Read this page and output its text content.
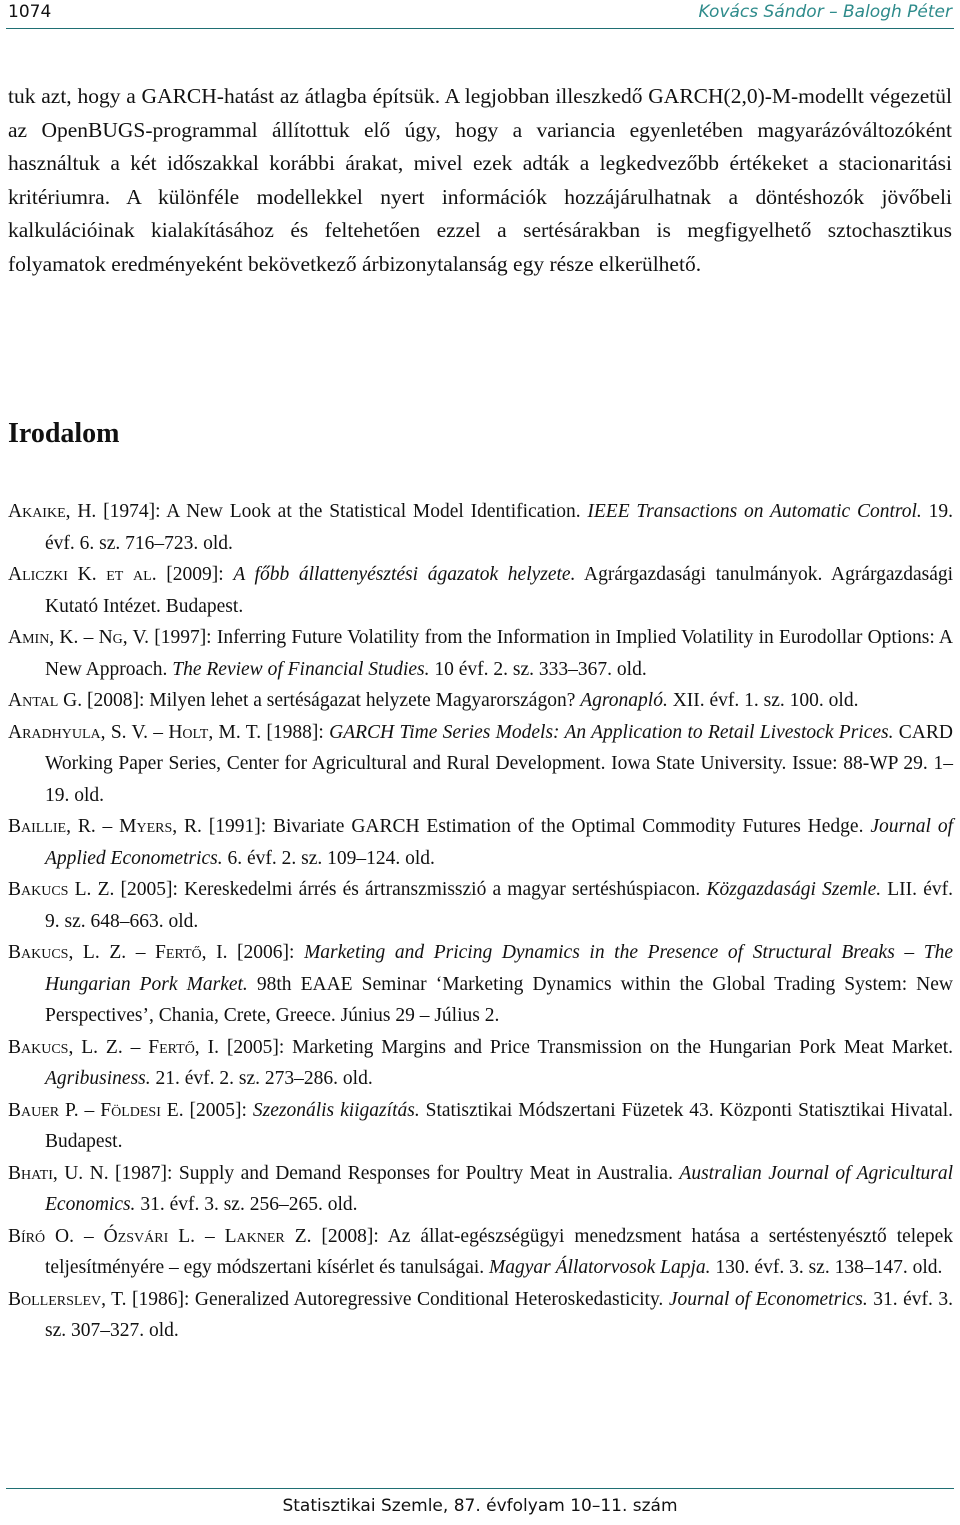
1074	Kovács Sándor – Balogh Péter

tuk azt, hogy a GARCH-hatást az átlagba építsük. A legjobban illeszkedő GARCH(2,0)-M-modellt végezetül az OpenBUGS-programmal állítottuk elő úgy, hogy a variancia egyenletében magyarázóváltozóként használtuk a két időszakkal korábbi árakat, mivel ezek adták a legkedvezőbb értékeket a stacionaritási kritériumra. A különféle modellekkel nyert információk hozzájárulhatnak a döntéshozók jövőbeli kalkulációinak kialakításához és feltehetően ezzel a sertésárakban is megfigyelhető sztochasztikus folyamatok eredményeként bekövetkező árbizonytalanság egy része elkerülhető.

Irodalom

Akaike, H. [1974]: A New Look at the Statistical Model Identification. IEEE Transactions on Automatic Control. 19. évf. 6. sz. 716–723. old.

Aliczki K. et al. [2009]: A főbb állattenyésztési ágazatok helyzete. Agrárgazdasági tanulmányok. Agrárgazdasági Kutató Intézet. Budapest.

Amin, K. – Ng, V. [1997]: Inferring Future Volatility from the Information in Implied Volatility in Eurodollar Options: A New Approach. The Review of Financial Studies. 10 évf. 2. sz. 333–367. old.

Antal G. [2008]: Milyen lehet a sertéságazat helyzete Magyarországon? Agronapló. XII. évf. 1. sz. 100. old.

Aradhyula, S. V. – Holt, M. T. [1988]: GARCH Time Series Models: An Application to Retail Livestock Prices. CARD Working Paper Series, Center for Agricultural and Rural Development. Iowa State University. Issue: 88-WP 29. 1–19. old.

Baillie, R. – Myers, R. [1991]: Bivariate GARCH Estimation of the Optimal Commodity Futures Hedge. Journal of Applied Econometrics. 6. évf. 2. sz. 109–124. old.

Bakucs L. Z. [2005]: Kereskedelmi árrés és ártranszmisszió a magyar sertéshúspiacon. Közgazdasági Szemle. LII. évf. 9. sz. 648–663. old.

Bakucs, L. Z. – Fertő, I. [2006]: Marketing and Pricing Dynamics in the Presence of Structural Breaks – The Hungarian Pork Market. 98th EAAE Seminar ‘Marketing Dynamics within the Global Trading System: New Perspectives’, Chania, Crete, Greece. Június 29 – Július 2.

Bakucs, L. Z. – Fertő, I. [2005]: Marketing Margins and Price Transmission on the Hungarian Pork Meat Market. Agribusiness. 21. évf. 2. sz. 273–286. old.

Bauer P. – Földesi E. [2005]: Szezonális kiigazítás. Statisztikai Módszertani Füzetek 43. Központi Statisztikai Hivatal. Budapest.

Bhati, U. N. [1987]: Supply and Demand Responses for Poultry Meat in Australia. Australian Journal of Agricultural Economics. 31. évf. 3. sz. 256–265. old.

Bíró O. – Ózsvári L. – Lakner Z. [2008]: Az állat-egészségügyi menedzsment hatása a sertéstenyésztő telepek teljesítményére – egy módszertani kísérlet és tanulságai. Magyar Állatorvosok Lapja. 130. évf. 3. sz. 138–147. old.

Bollerslev, T. [1986]: Generalized Autoregressive Conditional Heteroskedasticity. Journal of Econometrics. 31. évf. 3. sz. 307–327. old.

Statisztikai Szemle, 87. évfolyam 10–11. szám
